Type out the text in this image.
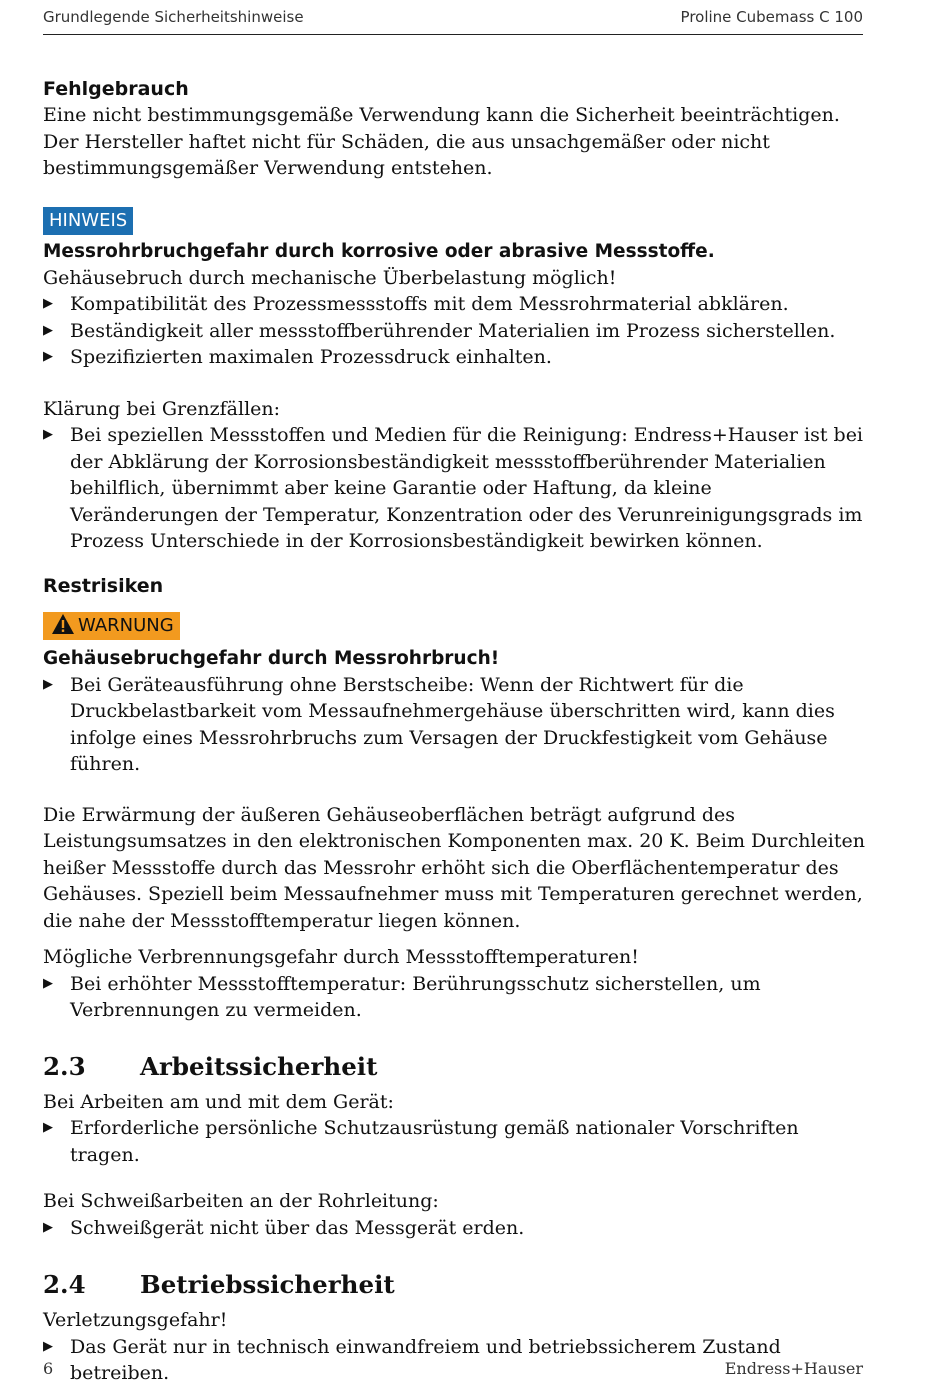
Grundlegende Sicherheitshinweise	Proline Cubemass C 100

Fehlgebrauch

Eine nicht bestimmungsgemäße Verwendung kann die Sicherheit beeinträchtigen. Der Hersteller haftet nicht für Schäden, die aus unsachgemäßer oder nicht bestimmungsgemäßer Verwendung entstehen.

HINWEIS

Messrohrbruchgefahr durch korrosive oder abrasive Messstoffe.

Gehäusebruch durch mechanische Überbelastung möglich!

▶ Kompatibilität des Prozessmessstoffs mit dem Messrohrmaterial abklären.
▶ Beständigkeit aller messstoffberührender Materialien im Prozess sicherstellen.
▶ Spezifizierten maximalen Prozessdruck einhalten.

Klärung bei Grenzfällen:

▶ Bei speziellen Messstoffen und Medien für die Reinigung: Endress+Hauser ist bei der Abklärung der Korrosionsbeständigkeit messstoffberührender Materialien behilflich, übernimmt aber keine Garantie oder Haftung, da kleine Veränderungen der Temperatur, Konzentration oder des Verunreinigungsgrads im Prozess Unterschiede in der Korrosionsbeständigkeit bewirken können.

Restrisiken

WARNUNG

Gehäusebruchgefahr durch Messrohrbruch!

▶ Bei Geräteausführung ohne Berstscheibe: Wenn der Richtwert für die Druckbelastbarkeit vom Messaufnehmergehäuse überschritten wird, kann dies infolge eines Messrohrbruchs zum Versagen der Druckfestigkeit vom Gehäuse führen.

Die Erwärmung der äußeren Gehäuseoberflächen beträgt aufgrund des Leistungsumsatzes in den elektronischen Komponenten max. 20 K. Beim Durchleiten heißer Messstoffe durch das Messrohr erhöht sich die Oberflächentemperatur des Gehäuses. Speziell beim Messaufnehmer muss mit Temperaturen gerechnet werden, die nahe der Messstofftemperatur liegen können.

Mögliche Verbrennungsgefahr durch Messstofftemperaturen!

▶ Bei erhöhter Messstofftemperatur: Berührungsschutz sicherstellen, um Verbrennungen zu vermeiden.
2.3 Arbeitssicherheit

Bei Arbeiten am und mit dem Gerät:

▶ Erforderliche persönliche Schutzausrüstung gemäß nationaler Vorschriften tragen.

Bei Schweißarbeiten an der Rohrleitung:

▶ Schweißgerät nicht über das Messgerät erden.
2.4 Betriebssicherheit

Verletzungsgefahr!

▶ Das Gerät nur in technisch einwandfreiem und betriebssicherem Zustand betreiben.
6	Endress+Hauser
